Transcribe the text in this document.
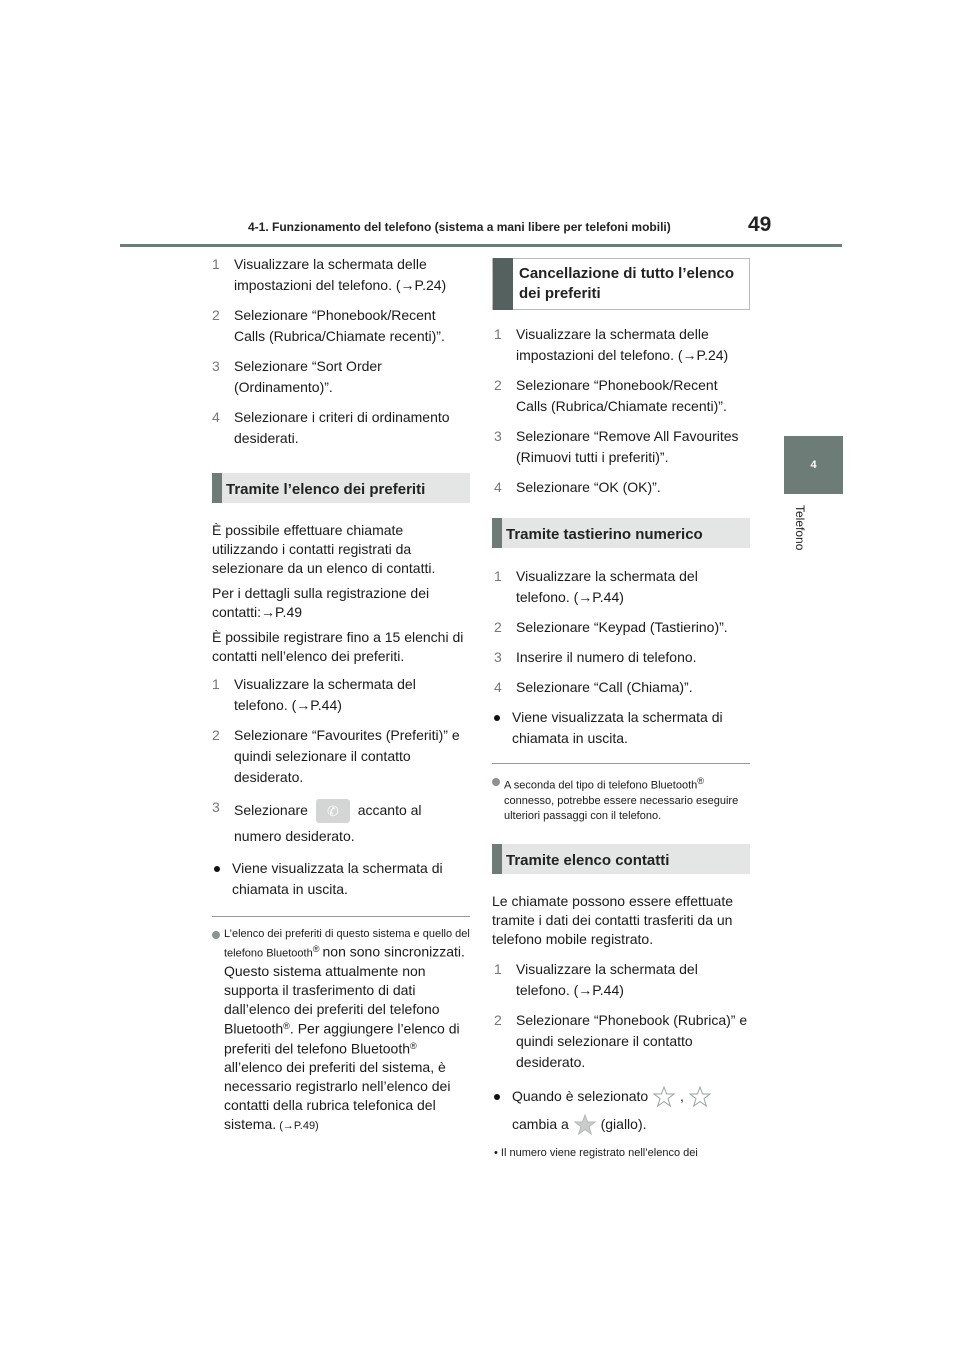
4-1. Funzionamento del telefono (sistema a mani libere per telefoni mobili)	49
4
Telefono
1 Visualizzare la schermata delle impostazioni del telefono. (→P.24)
2 Selezionare “Phonebook/Recent Calls (Rubrica/Chiamate recenti)”.
3 Selezionare “Sort Order (Ordinamento)”.
4 Selezionare i criteri di ordinamento desiderati.
Tramite l’elenco dei preferiti

È possibile effettuare chiamate utilizzando i contatti registrati da selezionare da un elenco di contatti.

Per i dettagli sulla registrazione dei contatti:→P.49

È possibile registrare fino a 15 elenchi di contatti nell’elenco dei preferiti.

1 Visualizzare la schermata del telefono. (→P.44)
2 Selezionare “Favourites (Preferiti)” e quindi selezionare il contatto desiderato.
3 Selezionare ✆ accanto al numero desiderato.
Viene visualizzata la schermata di chiamata in uscita.
L’elenco dei preferiti di questo sistema e quello del telefono Bluetooth® non sono sincronizzati. Questo sistema attualmente non supporta il trasferimento di dati dall’elenco dei preferiti del telefono Bluetooth®. Per aggiungere l’elenco di preferiti del telefono Bluetooth® all’elenco dei preferiti del sistema, è necessario registrarlo nell’elenco dei contatti della rubrica telefonica del sistema. (→P.49)
Cancellazione di tutto l’elenco dei preferiti
1 Visualizzare la schermata delle impostazioni del telefono. (→P.24)
2 Selezionare “Phonebook/Recent Calls (Rubrica/Chiamate recenti)”.
3 Selezionare “Remove All Favourites (Rimuovi tutti i preferiti)”.
4 Selezionare “OK (OK)”.
Tramite tastierino numerico
1 Visualizzare la schermata del telefono. (→P.44)
2 Selezionare “Keypad (Tastierino)”.
3 Inserire il numero di telefono.
4 Selezionare “Call (Chiama)”.
Viene visualizzata la schermata di chiamata in uscita.
A seconda del tipo di telefono Bluetooth® connesso, potrebbe essere necessario eseguire ulteriori passaggi con il telefono.
Tramite elenco contatti

Le chiamate possono essere effettuate tramite i dati dei contatti trasferiti da un telefono mobile registrato.

1 Visualizzare la schermata del telefono. (→P.44)
2 Selezionare “Phonebook (Rubrica)” e quindi selezionare il contatto desiderato.
Quando è selezionato ,
cambia a (giallo).
• Il numero viene registrato nell’elenco dei
